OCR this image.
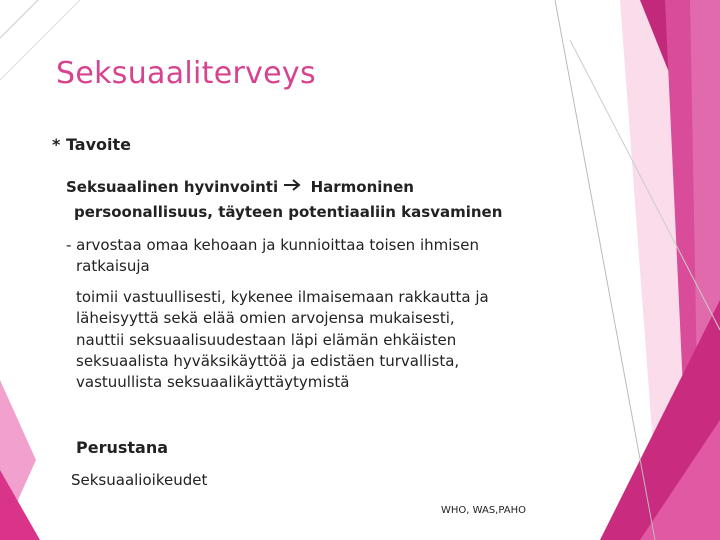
Seksuaaliterveys
* Tavoite
Seksuaalinen hyvinvointi Harmoninen
persoonallisuus, täyteen potentiaaliin kasvaminen
- arvostaa omaa kehoaan ja kunnioittaa toisen ihmisen
ratkaisuja
toimii vastuullisesti, kykenee ilmaisemaan rakkautta ja
läheisyyttä sekä elää omien arvojensa mukaisesti,
nauttii seksuaalisuudestaan läpi elämän ehkäisten
seksuaalista hyväksikäyttöä ja edistäen turvallista,
vastuullista seksuaalikäyttäytymistä
Perustana
Seksuaalioikeudet
WHO, WAS,PAHO
